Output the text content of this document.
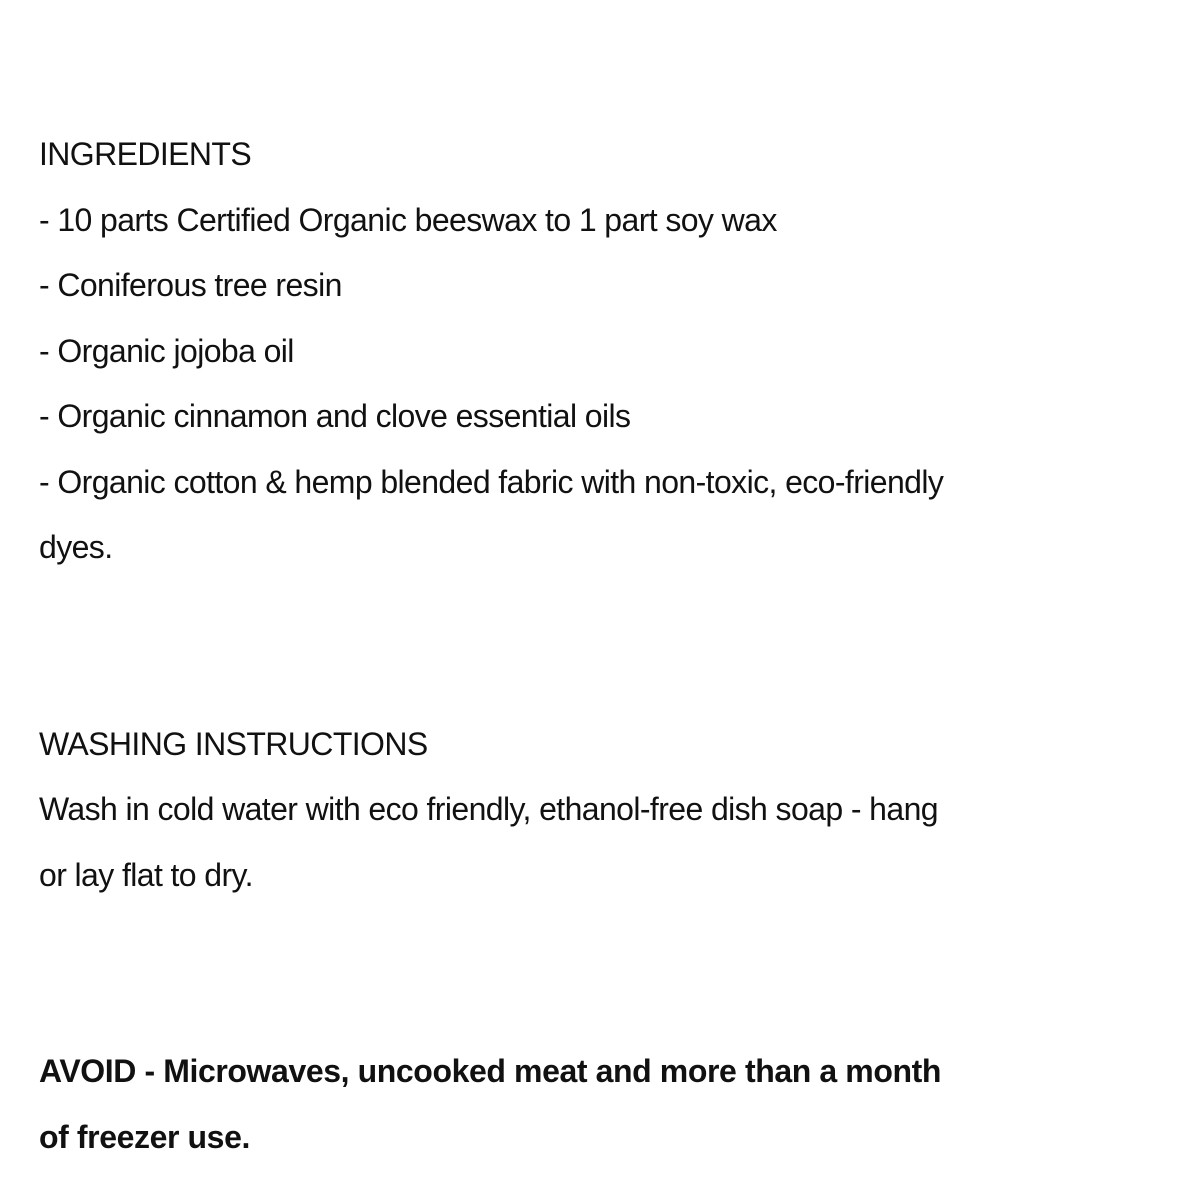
INGREDIENTS
- 10 parts Certified Organic beeswax to 1 part soy wax
- Coniferous tree resin
- Organic jojoba oil
- Organic cinnamon and clove essential oils
- Organic cotton & hemp blended fabric with non-toxic, eco-friendly
dyes.
WASHING INSTRUCTIONS
Wash in cold water with eco friendly, ethanol-free dish soap - hang
or lay flat to dry.
AVOID - Microwaves, uncooked meat and more than a month
of freezer use.
